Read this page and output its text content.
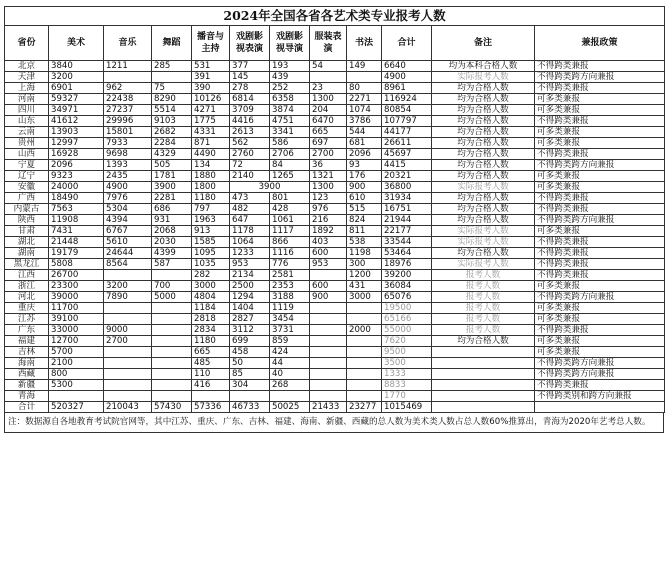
2024年全国各省各艺术类专业报考人数											
省份	美术	音乐	舞蹈	播音与主持	戏剧影视表演	戏剧影视导演	服装表演	书法	合计	备注	兼报政策
北京	3840	1211	285	531	377	193	54	149	6640	均为本科合格人数	不得跨类兼报
天津	3200			391	145	439			4900	实际报考人数	不得跨类跨方向兼报
上海	6901	962	75	390	278	252	23	80	8961	均为合格人数	不得跨类兼报
河南	59327	22438	8290	10126	6814	6358	1300	2271	116924	均为合格人数	可多类兼报
四川	34971	27237	5514	4271	3709	3874	204	1074	80854	均为合格人数	可多类兼报
山东	41612	29996	9103	1775	4416	4751	6470	3786	107797	均为合格人数	不得跨类兼报
云南	13903	15801	2682	4331	2613	3341	665	544	44177	均为合格人数	可多类兼报
贵州	12997	7933	2284	871	562	586	697	681	26611	均为合格人数	可多类兼报
山西	16928	9698	4329	4490	2760	2706	2700	2096	45697	均为合格人数	不得跨类兼报
宁夏	2096	1393	505	134	72	84	36	93	4415	均为合格人数	不得跨类跨方向兼报
辽宁	9323	2435	1781	1880	2140	1265	1321	176	20321	均为合格人数	可多类兼报
安徽	24000	4900	3900	1800	3900		1300	900	36800	实际报考人数	可多类兼报
广西	18490	7976	2281	1180	473	801	123	610	31934	均为合格人数	不得跨类兼报
内蒙古	7563	5304	686	797	482	428	976	515	16751	均为合格人数	不得跨类兼报
陕西	11908	4394	931	1963	647	1061	216	824	21944	均为合格人数	不得跨类跨方向兼报
甘肃	7431	6767	2068	913	1178	1117	1892	811	22177	实际报考人数	可多类兼报
湖北	21448	5610	2030	1585	1064	866	403	538	33544	实际报考人数	不得跨类兼报
湖南	19179	24644	4399	1095	1233	1116	600	1198	53464	均为合格人数	不得跨类兼报
黑龙江	5808	8564	587	1035	953	776	953	300	18976	实际报考人数	不得跨类兼报
江西	26700			282	2134	2581		1200	39200	报考人数	不得跨类兼报
浙江	23300	3200	700	3000	2500	2353	600	431	36084	报考人数	可多类兼报
河北	39000	7890	5000	4804	1294	3188	900	3000	65076	报考人数	不得跨类跨方向兼报
重庆	11700			1184	1404	1119			19500	报考人数	可多类兼报
江苏	39100			2818	2827	3454			65166	报考人数	可多类兼报
广东	33000	9000		2834	3112	3731		2000	55000	报考人数	不得跨类兼报
福建	12700	2700		1180	699	859			7620	均为合格人数	可多类兼报
吉林	5700			665	458	424			9500		可多类兼报
海南	2100			485	50	44			3500		不得跨类跨方向兼报
西藏	800			110	85	40			1333		不得跨类跨方向兼报
新疆	5300			416	304	268			8833		不得跨类兼报
青海									1770		不得跨类别和跨方向兼报
合计	520327	210043	57430	57336	46733	50025	21433	23277	1015469		
注：数据源自各地教育考试院官网等，其中江苏、重庆、广东、吉林、福建、海南、新疆、西藏的总人数为美术类人数占总人数60%推算出，青海为2020年艺考总人数。
